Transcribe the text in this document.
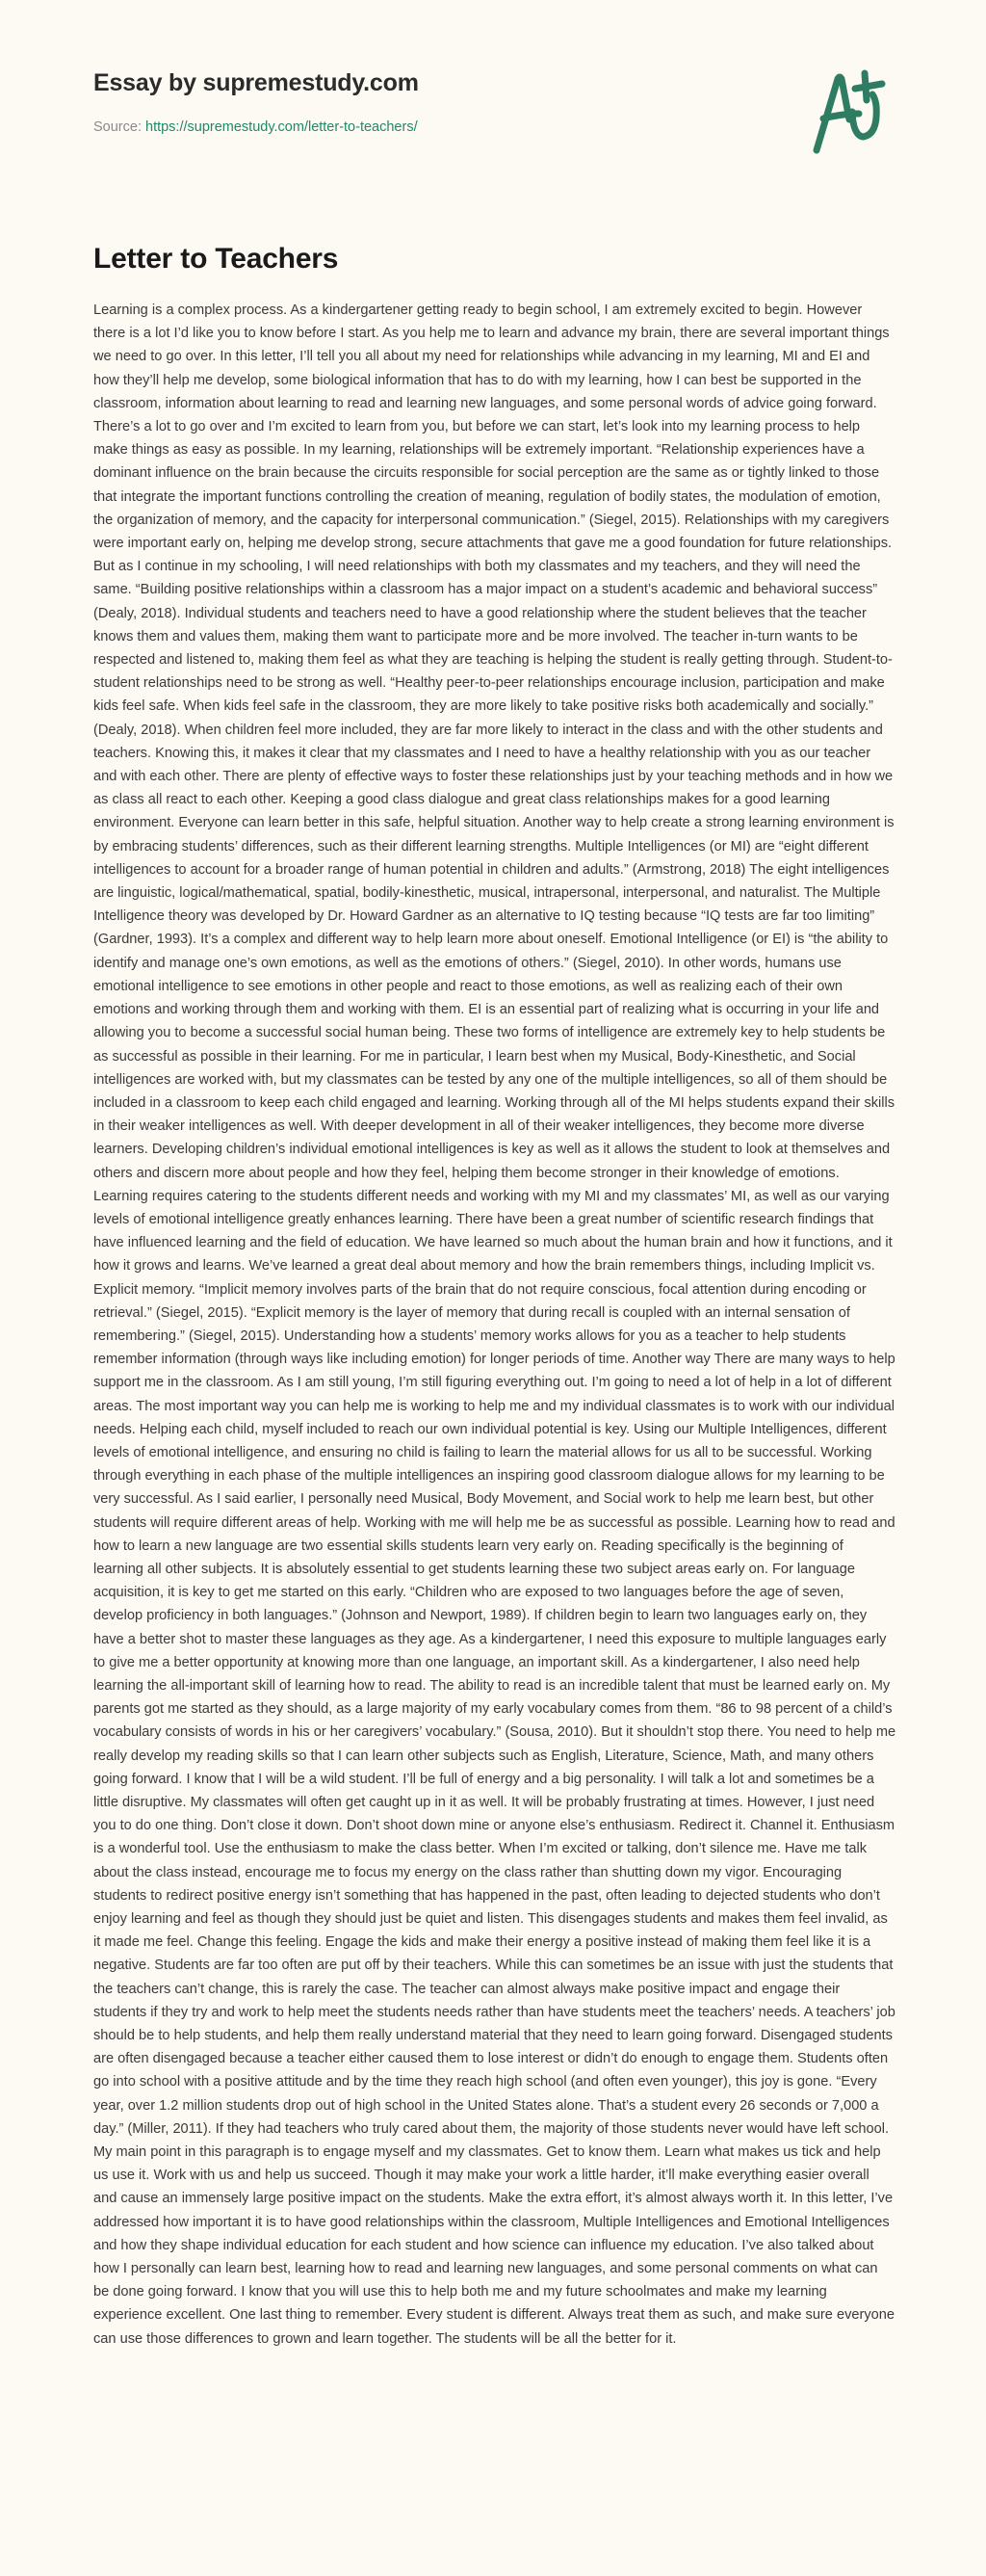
Essay by supremestudy.com
Source: https://supremestudy.com/letter-to-teachers/
Letter to Teachers

Learning is a complex process. As a kindergartener getting ready to begin school, I am extremely excited to begin. However there is a lot I’d like you to know before I start. As you help me to learn and advance my brain, there are several important things we need to go over. In this letter, I’ll tell you all about my need for relationships while advancing in my learning, MI and EI and how they’ll help me develop, some biological information that has to do with my learning, how I can best be supported in the classroom, information about learning to read and learning new languages, and some personal words of advice going forward. There’s a lot to go over and I’m excited to learn from you, but before we can start, let’s look into my learning process to help make things as easy as possible. In my learning, relationships will be extremely important. “Relationship experiences have a dominant influence on the brain because the circuits responsible for social perception are the same as or tightly linked to those that integrate the important functions controlling the creation of meaning, regulation of bodily states, the modulation of emotion, the organization of memory, and the capacity for interpersonal communication.” (Siegel, 2015). Relationships with my caregivers were important early on, helping me develop strong, secure attachments that gave me a good foundation for future relationships. But as I continue in my schooling, I will need relationships with both my classmates and my teachers, and they will need the same. “Building positive relationships within a classroom has a major impact on a student’s academic and behavioral success” (Dealy, 2018). Individual students and teachers need to have a good relationship where the student believes that the teacher knows them and values them, making them want to participate more and be more involved. The teacher in-turn wants to be respected and listened to, making them feel as what they are teaching is helping the student is really getting through. Student-to-student relationships need to be strong as well. “Healthy peer-to-peer relationships encourage inclusion, participation and make kids feel safe. When kids feel safe in the classroom, they are more likely to take positive risks both academically and socially.” (Dealy, 2018). When children feel more included, they are far more likely to interact in the class and with the other students and teachers. Knowing this, it makes it clear that my classmates and I need to have a healthy relationship with you as our teacher and with each other. There are plenty of effective ways to foster these relationships just by your teaching methods and in how we as class all react to each other. Keeping a good class dialogue and great class relationships makes for a good learning environment. Everyone can learn better in this safe, helpful situation. Another way to help create a strong learning environment is by embracing students’ differences, such as their different learning strengths. Multiple Intelligences (or MI) are “eight different intelligences to account for a broader range of human potential in children and adults.” (Armstrong, 2018) The eight intelligences are linguistic, logical/mathematical, spatial, bodily-kinesthetic, musical, intrapersonal, interpersonal, and naturalist. The Multiple Intelligence theory was developed by Dr. Howard Gardner as an alternative to IQ testing because “IQ tests are far too limiting” (Gardner, 1993). It’s a complex and different way to help learn more about oneself. Emotional Intelligence (or EI) is “the ability to identify and manage one’s own emotions, as well as the emotions of others.” (Siegel, 2010). In other words, humans use emotional intelligence to see emotions in other people and react to those emotions, as well as realizing each of their own emotions and working through them and working with them. EI is an essential part of realizing what is occurring in your life and allowing you to become a successful social human being. These two forms of intelligence are extremely key to help students be as successful as possible in their learning. For me in particular, I learn best when my Musical, Body-Kinesthetic, and Social intelligences are worked with, but my classmates can be tested by any one of the multiple intelligences, so all of them should be included in a classroom to keep each child engaged and learning. Working through all of the MI helps students expand their skills in their weaker intelligences as well. With deeper development in all of their weaker intelligences, they become more diverse learners. Developing children’s individual emotional intelligences is key as well as it allows the student to look at themselves and others and discern more about people and how they feel, helping them become stronger in their knowledge of emotions. Learning requires catering to the students different needs and working with my MI and my classmates’ MI, as well as our varying levels of emotional intelligence greatly enhances learning. There have been a great number of scientific research findings that have influenced learning and the field of education. We have learned so much about the human brain and how it functions, and it how it grows and learns. We’ve learned a great deal about memory and how the brain remembers things, including Implicit vs. Explicit memory. “Implicit memory involves parts of the brain that do not require conscious, focal attention during encoding or retrieval.” (Siegel, 2015). “Explicit memory is the layer of memory that during recall is coupled with an internal sensation of remembering.” (Siegel, 2015). Understanding how a students’ memory works allows for you as a teacher to help students remember information (through ways like including emotion) for longer periods of time. Another way There are many ways to help support me in the classroom. As I am still young, I’m still figuring everything out. I’m going to need a lot of help in a lot of different areas. The most important way you can help me is working to help me and my individual classmates is to work with our individual needs. Helping each child, myself included to reach our own individual potential is key. Using our Multiple Intelligences, different levels of emotional intelligence, and ensuring no child is failing to learn the material allows for us all to be successful. Working through everything in each phase of the multiple intelligences an inspiring good classroom dialogue allows for my learning to be very successful. As I said earlier, I personally need Musical, Body Movement, and Social work to help me learn best, but other students will require different areas of help. Working with me will help me be as successful as possible. Learning how to read and how to learn a new language are two essential skills students learn very early on. Reading specifically is the beginning of learning all other subjects. It is absolutely essential to get students learning these two subject areas early on. For language acquisition, it is key to get me started on this early. “Children who are exposed to two languages before the age of seven, develop proficiency in both languages.” (Johnson and Newport, 1989). If children begin to learn two languages early on, they have a better shot to master these languages as they age. As a kindergartener, I need this exposure to multiple languages early to give me a better opportunity at knowing more than one language, an important skill. As a kindergartener, I also need help learning the all-important skill of learning how to read. The ability to read is an incredible talent that must be learned early on. My parents got me started as they should, as a large majority of my early vocabulary comes from them. “86 to 98 percent of a child’s vocabulary consists of words in his or her caregivers’ vocabulary.” (Sousa, 2010). But it shouldn’t stop there. You need to help me really develop my reading skills so that I can learn other subjects such as English, Literature, Science, Math, and many others going forward. I know that I will be a wild student. I’ll be full of energy and a big personality. I will talk a lot and sometimes be a little disruptive. My classmates will often get caught up in it as well. It will be probably frustrating at times. However, I just need you to do one thing. Don’t close it down. Don’t shoot down mine or anyone else’s enthusiasm. Redirect it. Channel it. Enthusiasm is a wonderful tool. Use the enthusiasm to make the class better. When I’m excited or talking, don’t silence me. Have me talk about the class instead, encourage me to focus my energy on the class rather than shutting down my vigor. Encouraging students to redirect positive energy isn’t something that has happened in the past, often leading to dejected students who don’t enjoy learning and feel as though they should just be quiet and listen. This disengages students and makes them feel invalid, as it made me feel. Change this feeling. Engage the kids and make their energy a positive instead of making them feel like it is a negative. Students are far too often are put off by their teachers. While this can sometimes be an issue with just the students that the teachers can’t change, this is rarely the case. The teacher can almost always make positive impact and engage their students if they try and work to help meet the students needs rather than have students meet the teachers’ needs. A teachers’ job should be to help students, and help them really understand material that they need to learn going forward. Disengaged students are often disengaged because a teacher either caused them to lose interest or didn’t do enough to engage them. Students often go into school with a positive attitude and by the time they reach high school (and often even younger), this joy is gone. “Every year, over 1.2 million students drop out of high school in the United States alone. That’s a student every 26 seconds or 7,000 a day.” (Miller, 2011). If they had teachers who truly cared about them, the majority of those students never would have left school. My main point in this paragraph is to engage myself and my classmates. Get to know them. Learn what makes us tick and help us use it. Work with us and help us succeed. Though it may make your work a little harder, it’ll make everything easier overall and cause an immensely large positive impact on the students. Make the extra effort, it’s almost always worth it. In this letter, I’ve addressed how important it is to have good relationships within the classroom, Multiple Intelligences and Emotional Intelligences and how they shape individual education for each student and how science can influence my education. I’ve also talked about how I personally can learn best, learning how to read and learning new languages, and some personal comments on what can be done going forward. I know that you will use this to help both me and my future schoolmates and make my learning experience excellent. One last thing to remember. Every student is different. Always treat them as such, and make sure everyone can use those differences to grown and learn together. The students will be all the better for it.
